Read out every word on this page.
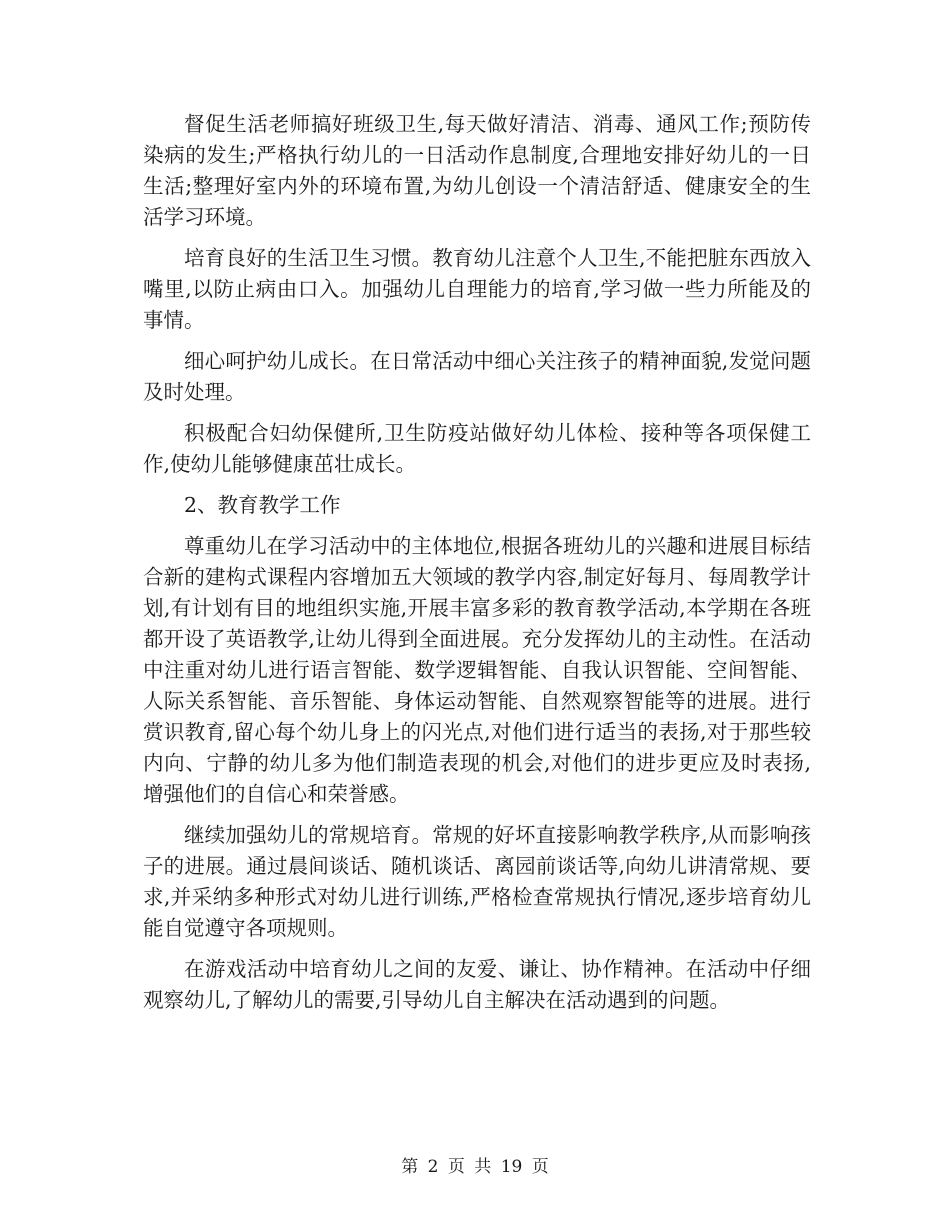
督促生活老师搞好班级卫生,每天做好清洁、消毒、通风工作;预防传染病的发生;严格执行幼儿的一日活动作息制度,合理地安排好幼儿的一日生活;整理好室内外的环境布置,为幼儿创设一个清洁舒适、健康安全的生活学习环境。

培育良好的生活卫生习惯。教育幼儿注意个人卫生,不能把脏东西放入嘴里,以防止病由口入。加强幼儿自理能力的培育,学习做一些力所能及的事情。

细心呵护幼儿成长。在日常活动中细心关注孩子的精神面貌,发觉问题及时处理。

积极配合妇幼保健所,卫生防疫站做好幼儿体检、接种等各项保健工作,使幼儿能够健康茁壮成长。

2、教育教学工作

尊重幼儿在学习活动中的主体地位,根据各班幼儿的兴趣和进展目标结合新的建构式课程内容增加五大领域的教学内容,制定好每月、每周教学计划,有计划有目的地组织实施,开展丰富多彩的教育教学活动,本学期在各班都开设了英语教学,让幼儿得到全面进展。充分发挥幼儿的主动性。在活动中注重对幼儿进行语言智能、数学逻辑智能、自我认识智能、空间智能、人际关系智能、音乐智能、身体运动智能、自然观察智能等的进展。进行赏识教育,留心每个幼儿身上的闪光点,对他们进行适当的表扬,对于那些较内向、宁静的幼儿多为他们制造表现的机会,对他们的进步更应及时表扬,增强他们的自信心和荣誉感。

继续加强幼儿的常规培育。常规的好坏直接影响教学秩序,从而影响孩子的进展。通过晨间谈话、随机谈话、离园前谈话等,向幼儿讲清常规、要求,并采纳多种形式对幼儿进行训练,严格检查常规执行情况,逐步培育幼儿能自觉遵守各项规则。

在游戏活动中培育幼儿之间的友爱、谦让、协作精神。在活动中仔细观察幼儿,了解幼儿的需要,引导幼儿自主解决在活动遇到的问题。

第 2 页 共 19 页
